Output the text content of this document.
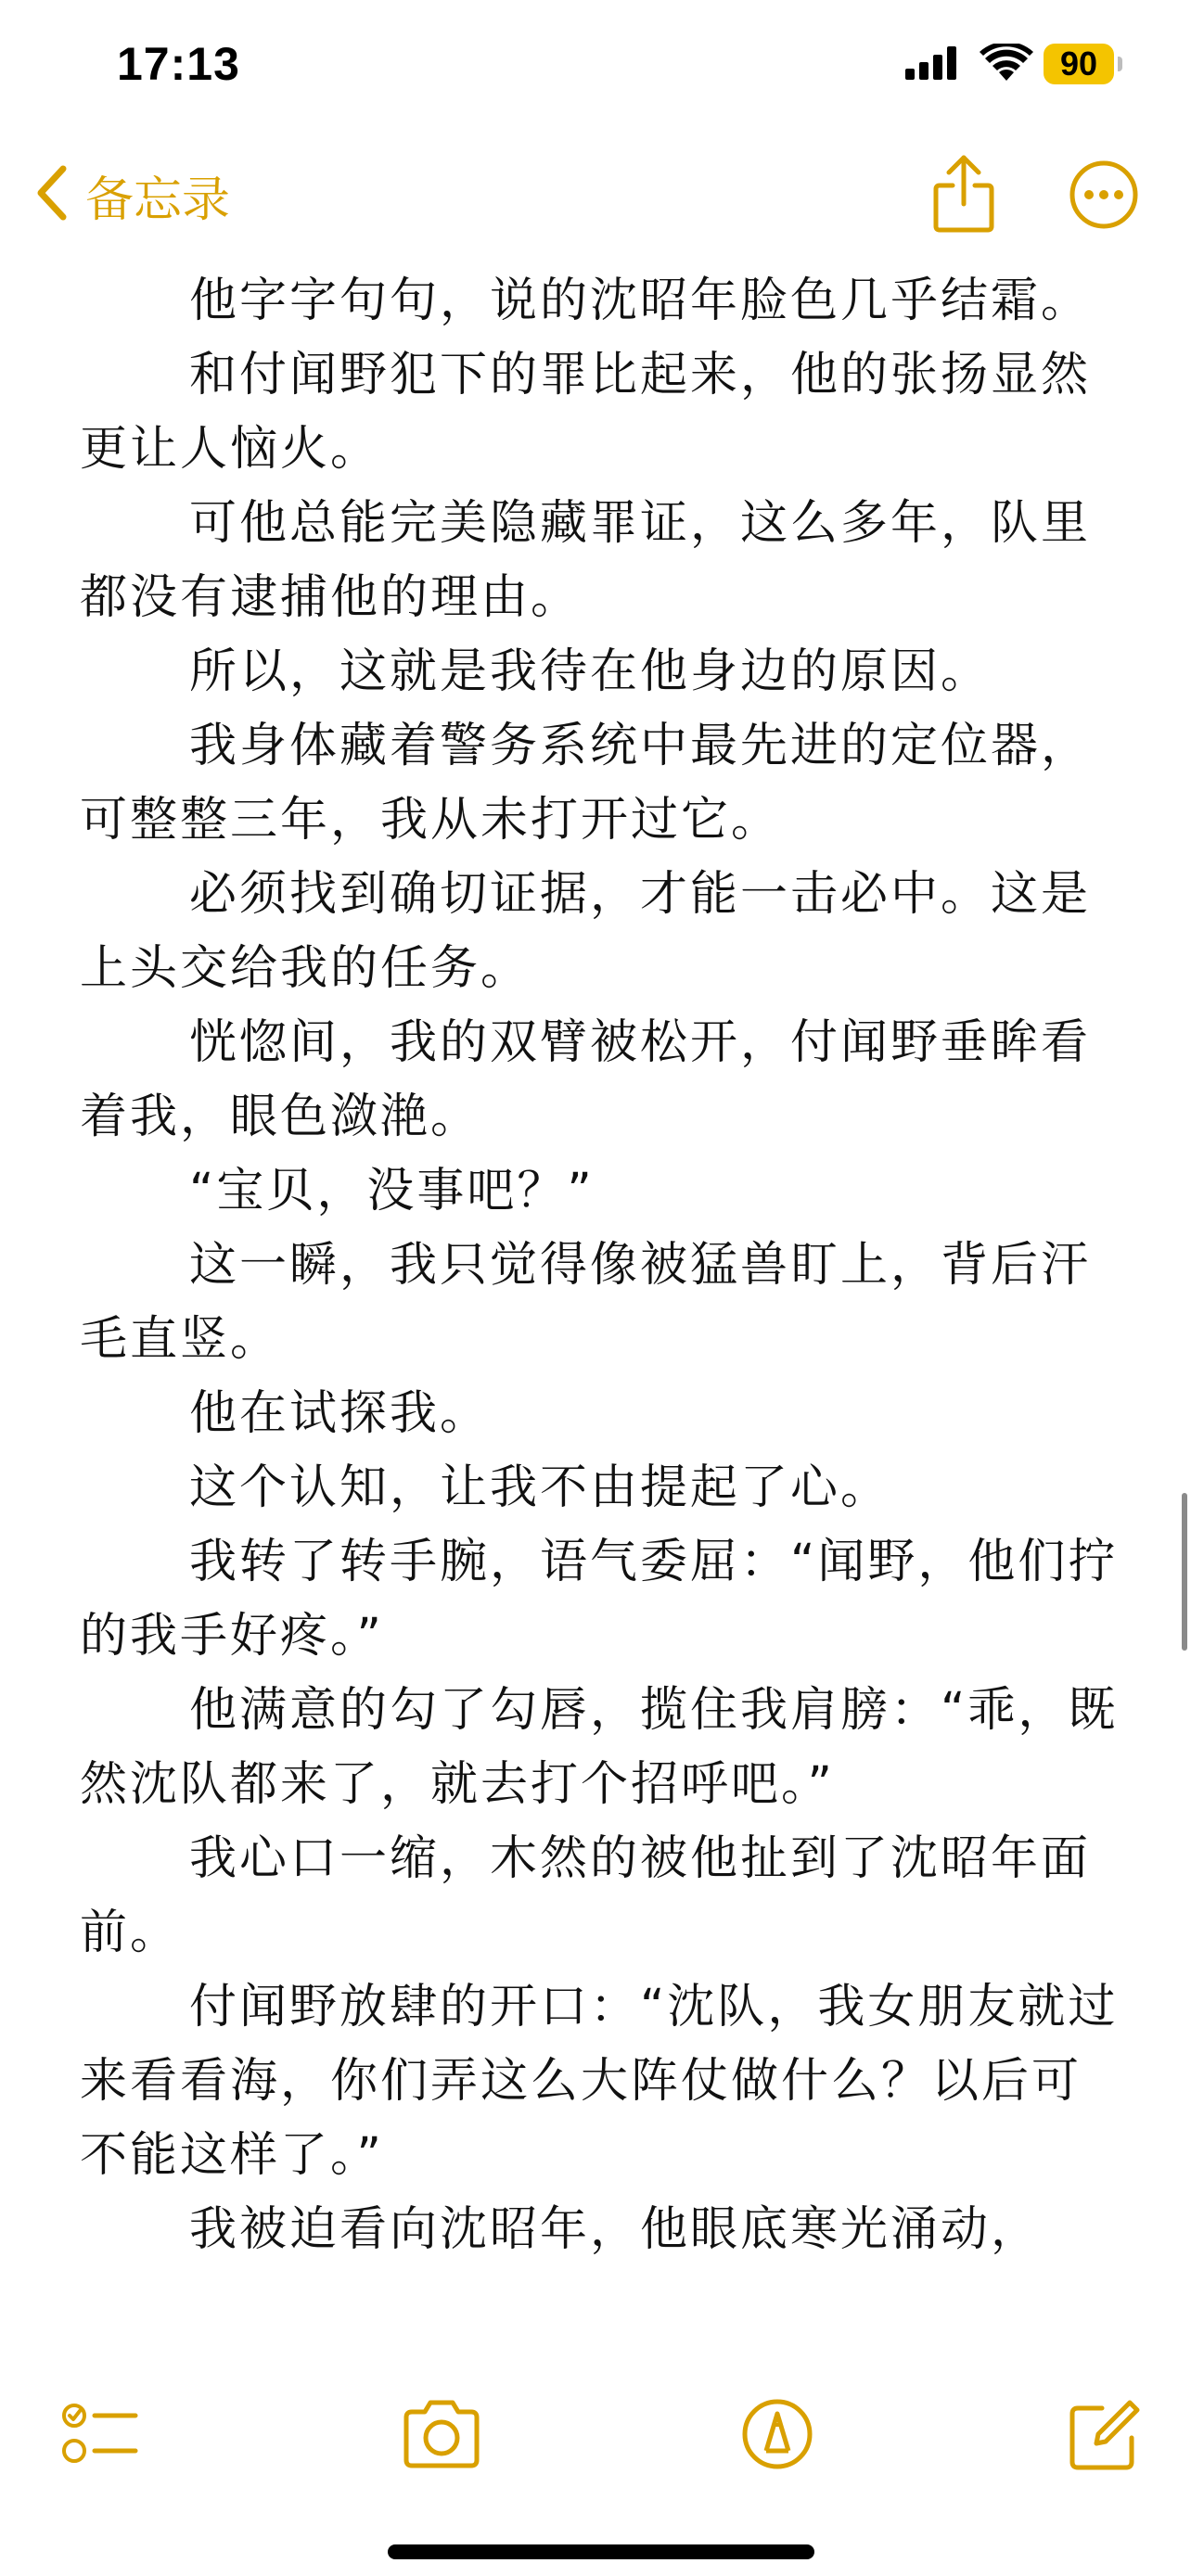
17:13	90
备忘录

他字字句句，说的沈昭年脸色几乎结霜。

和付闻野犯下的罪比起来，他的张扬显然更让人恼火。

可他总能完美隐藏罪证，这么多年，队里都没有逮捕他的理由。

所以，这就是我待在他身边的原因。

我身体藏着警务系统中最先进的定位器，可整整三年，我从未打开过它。

必须找到确切证据，才能一击必中。这是上头交给我的任务。

恍惚间，我的双臂被松开，付闻野垂眸看着我，眼色潋滟。

“宝贝，没事吧？”

这一瞬，我只觉得像被猛兽盯上，背后汗毛直竖。

他在试探我。

这个认知，让我不由提起了心。

我转了转手腕，语气委屈：“闻野，他们拧的我手好疼。”

他满意的勾了勾唇，揽住我肩膀：“乖，既然沈队都来了，就去打个招呼吧。”

我心口一缩，木然的被他扯到了沈昭年面前。

付闻野放肆的开口：“沈队，我女朋友就过来看看海，你们弄这么大阵仗做什么？以后可不能这样了。”

我被迫看向沈昭年，他眼底寒光涌动，
